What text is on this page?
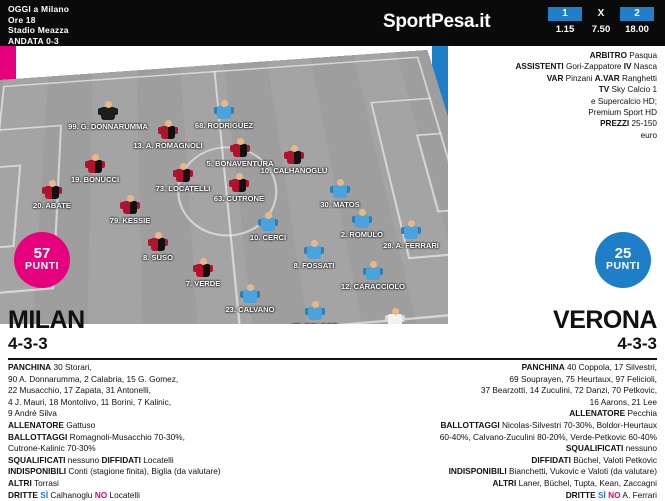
OGGI a Milano
Ore 18
Stadio Meazza
ANDATA 0-3
SportPesa.it	1
1.15
X
7.50
2
18.00
99. G. DONNARUMMA
20. ABATE
19. BONUCCI
13. A. ROMAGNOLI
79. KESSIE
73. LOCATELLI
5. BONAVENTURA
8. SUSO
63. CUTRONE
7. VERDE
10. CALHANOGLU
68. RODRIGUEZ
30. MATOS
10. CERCI	2. ROMULO
28. A. FERRARI
8. FOSSATI
12. CARACCIOLO
23. CALVANO
ARBITRO Pasqua
ASSISTENTI Gori-Zappatore IV Nasca
VAR Pinzani A.VAR Ranghetti
TV Sky Calcio 1
e Supercalcio HD;
Premium Sport HD
PREZZI 25-150
euro
57
PUNTI
25
PUNTI
MILAN
4-3-3
VERONA
4-3-3
PANCHINA 30 Storari,
90 A. Donnarumma, 2 Calabria, 15 G. Gomez,
22 Musacchio, 17 Zapata, 31 Antonelli,
4 J. Mauri, 18 Montolivo, 11 Borini, 7 Kalinic,
9 André Silva
ALLENATORE Gattuso
BALLOTTAGGI Romagnoli-Musacchio 70-30%,
Cutrone-Kalinic 70-30%
SQUALIFICATI nessuno DIFFIDATI Locatelli
INDISPONIBILI Conti (stagione finita), Biglia (da valutare)
ALTRI Torrasi
DRITTE SÌ Calhanoglu NO Locatelli
PANCHINA 40 Coppola, 17 Silvestri,
69 Souprayen, 75 Heurtaux, 97 Felicioli,
37 Bearzotti, 14 Zuculini, 72 Danzi, 70 Petkovic,
16 Aarons, 21 Lee
ALLENATORE Pecchia
BALLOTTAGGI Nicolas-Silvestri 70-30%, Boldor-Heurtaux
60-40%, Calvano-Zuculini 80-20%, Verde-Petkovic 60-40%
SQUALIFICATI nessuno
DIFFIDATI Büchel, Valoti Petkovic
INDISPONIBILI Bianchetti, Vukovic e Valoti (da valutare)
ALTRI Laner, Büchel, Tupta, Kean, Zaccagni
DRITTE SÌ NO A. Ferrari
